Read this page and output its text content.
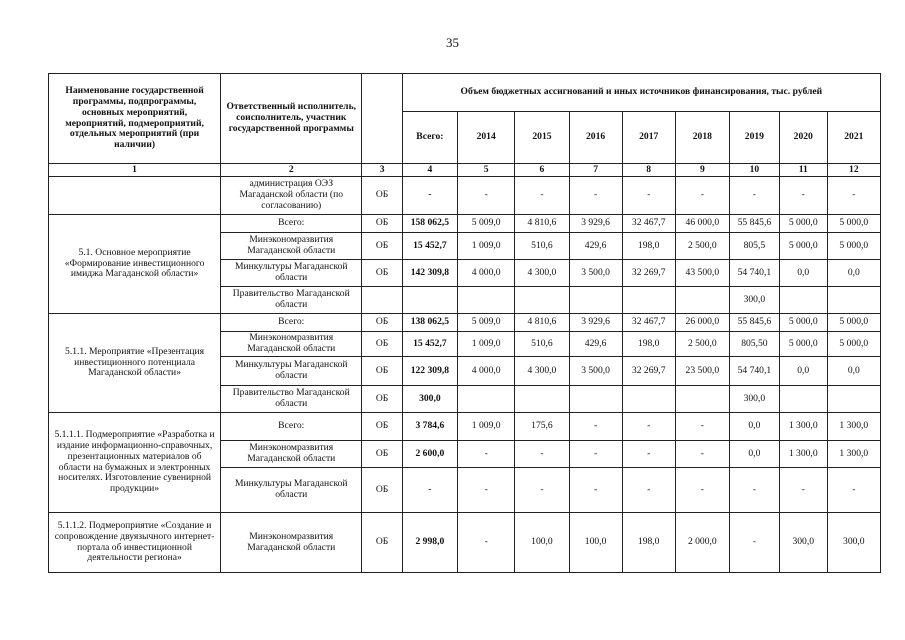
35
Наименование государственной программы, подпрограммы, основных мероприятий, мероприятий, подмероприятий, отдельных мероприятий (при наличии)	Ответственный исполнитель, соисполнитель, участник государственной программы		Объем бюджетных ассигнований и иных источников финансирования, тыс. рублей								
			Всего:	2014	2015	2016	2017	2018	2019	2020	2021
1	2	3	4	5	6	7	8	9	10	11	12
	администрация ОЭЗ Магаданской области (по согласованию)	ОБ	-	-	-	-	-	-	-	-	-
5.1. Основное мероприятие «Формирование инвестиционного имиджа Магаданской области»	Всего:	ОБ	158 062,5	5 009,0	4 810,6	3 929,6	32 467,7	46 000,0	55 845,6	5 000,0	5 000,0
	Минэкономразвития Магаданской области	ОБ	15 452,7	1 009,0	510,6	429,6	198,0	2 500,0	805,5	5 000,0	5 000,0
	Минкультуры Магаданской области	ОБ	142 309,8	4 000,0	4 300,0	3 500,0	32 269,7	43 500,0	54 740,1	0,0	0,0
	Правительство Магаданской области								300,0		
5.1.1. Мероприятие «Презентация инвестиционного потенциала Магаданской области»	Всего:	ОБ	138 062,5	5 009,0	4 810,6	3 929,6	32 467,7	26 000,0	55 845,6	5 000,0	5 000,0
	Минэкономразвития Магаданской области	ОБ	15 452,7	1 009,0	510,6	429,6	198,0	2 500,0	805,50	5 000,0	5 000,0
	Минкультуры Магаданской области	ОБ	122 309,8	4 000,0	4 300,0	3 500,0	32 269,7	23 500,0	54 740,1	0,0	0,0
	Правительство Магаданской области	ОБ	300,0						300,0		
5.1.1.1. Подмероприятие «Разработка и издание информационно-справочных, презентационных материалов об области на бумажных и электронных носителях. Изготовление сувенирной продукции»	Всего:	ОБ	3 784,6	1 009,0	175,6	-	-	-	0,0	1 300,0	1 300,0
	Минэкономразвития Магаданской области	ОБ	2 600,0	-	-	-	-	-	0,0	1 300,0	1 300,0
	Минкультуры Магаданской области	ОБ	-	-	-	-	-	-	-	-	-
5.1.1.2. Подмероприятие «Создание и сопровождение двуязычного интернет-портала об инвестиционной деятельности региона»	Минэкономразвития Магаданской области	ОБ	2 998,0	-	100,0	100,0	198,0	2 000,0	-	300,0	300,0
